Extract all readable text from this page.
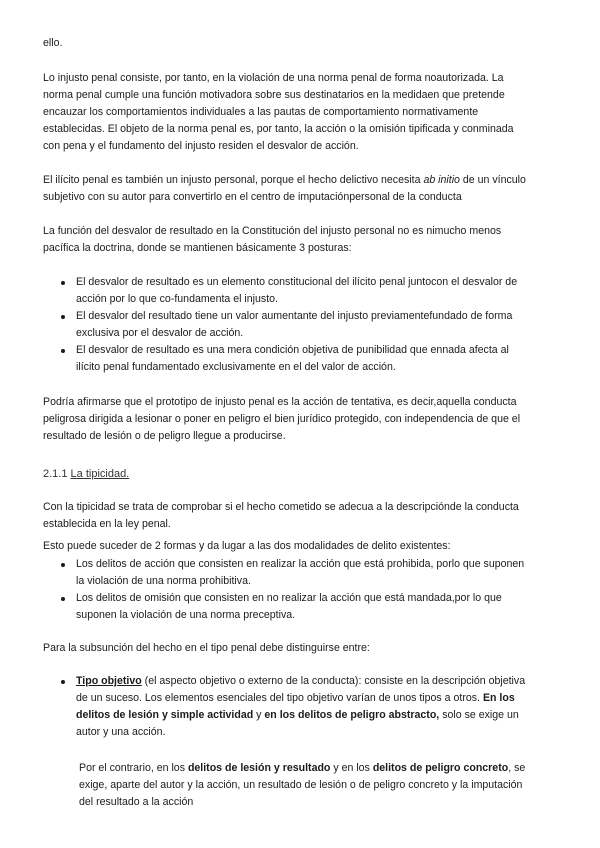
ello.

Lo injusto penal consiste, por tanto, en la violación de una norma penal de forma noautorizada. La norma penal cumple una función motivadora sobre sus destinatarios en la medidaen que pretende encauzar los comportamientos individuales a las pautas de comportamiento normativamente establecidas. El objeto de la norma penal es, por tanto, la acción o la omisión tipificada y conminada con pena y el fundamento del injusto residen el desvalor de acción.

El ilícito penal es también un injusto personal, porque el hecho delictivo necesita ab initio de un vínculo subjetivo con su autor para convertirlo en el centro de imputaciónpersonal de la conducta

La función del desvalor de resultado en la Constitución del injusto personal no es nimucho menos pacífica la doctrina, donde se mantienen básicamente 3 posturas:

El desvalor de resultado es un elemento constitucional del ilícito penal juntocon el desvalor de acción por lo que co-fundamenta el injusto.
El desvalor del resultado tiene un valor aumentante del injusto previamentefundado de forma exclusiva por el desvalor de acción.
El desvalor de resultado es una mera condición objetiva de punibilidad que ennada afecta al ilícito penal fundamentado exclusivamente en el del valor de acción.

Podría afirmarse que el prototipo de injusto penal es la acción de tentativa, es decir,aquella conducta peligrosa dirigida a lesionar o poner en peligro el bien jurídico protegido, con independencia de que el resultado de lesión o de peligro llegue a producirse.

2.1.1 La tipicidad.

Con la tipicidad se trata de comprobar si el hecho cometido se adecua a la descripciónde la conducta establecida en la ley penal.

Esto puede suceder de 2 formas y da lugar a las dos modalidades de delito existentes:

Los delitos de acción que consisten en realizar la acción que está prohibida, porlo que suponen la violación de una norma prohibitiva.
Los delitos de omisión que consisten en no realizar la acción que está mandada,por lo que suponen la violación de una norma preceptiva.

Para la subsunción del hecho en el tipo penal debe distinguirse entre:

Tipo objetivo (el aspecto objetivo o externo de la conducta): consiste en la descripción objetiva de un suceso. Los elementos esenciales del tipo objetivo varían de unos tipos a otros. En los delitos de lesión y simple actividad y en los delitos de peligro abstracto, solo se exige un autor y una acción.

Por el contrario, en los delitos de lesión y resultado y en los delitos de peligro concreto, se exige, aparte del autor y la acción, un resultado de lesión o de peligro concreto y la imputación del resultado a la acción
